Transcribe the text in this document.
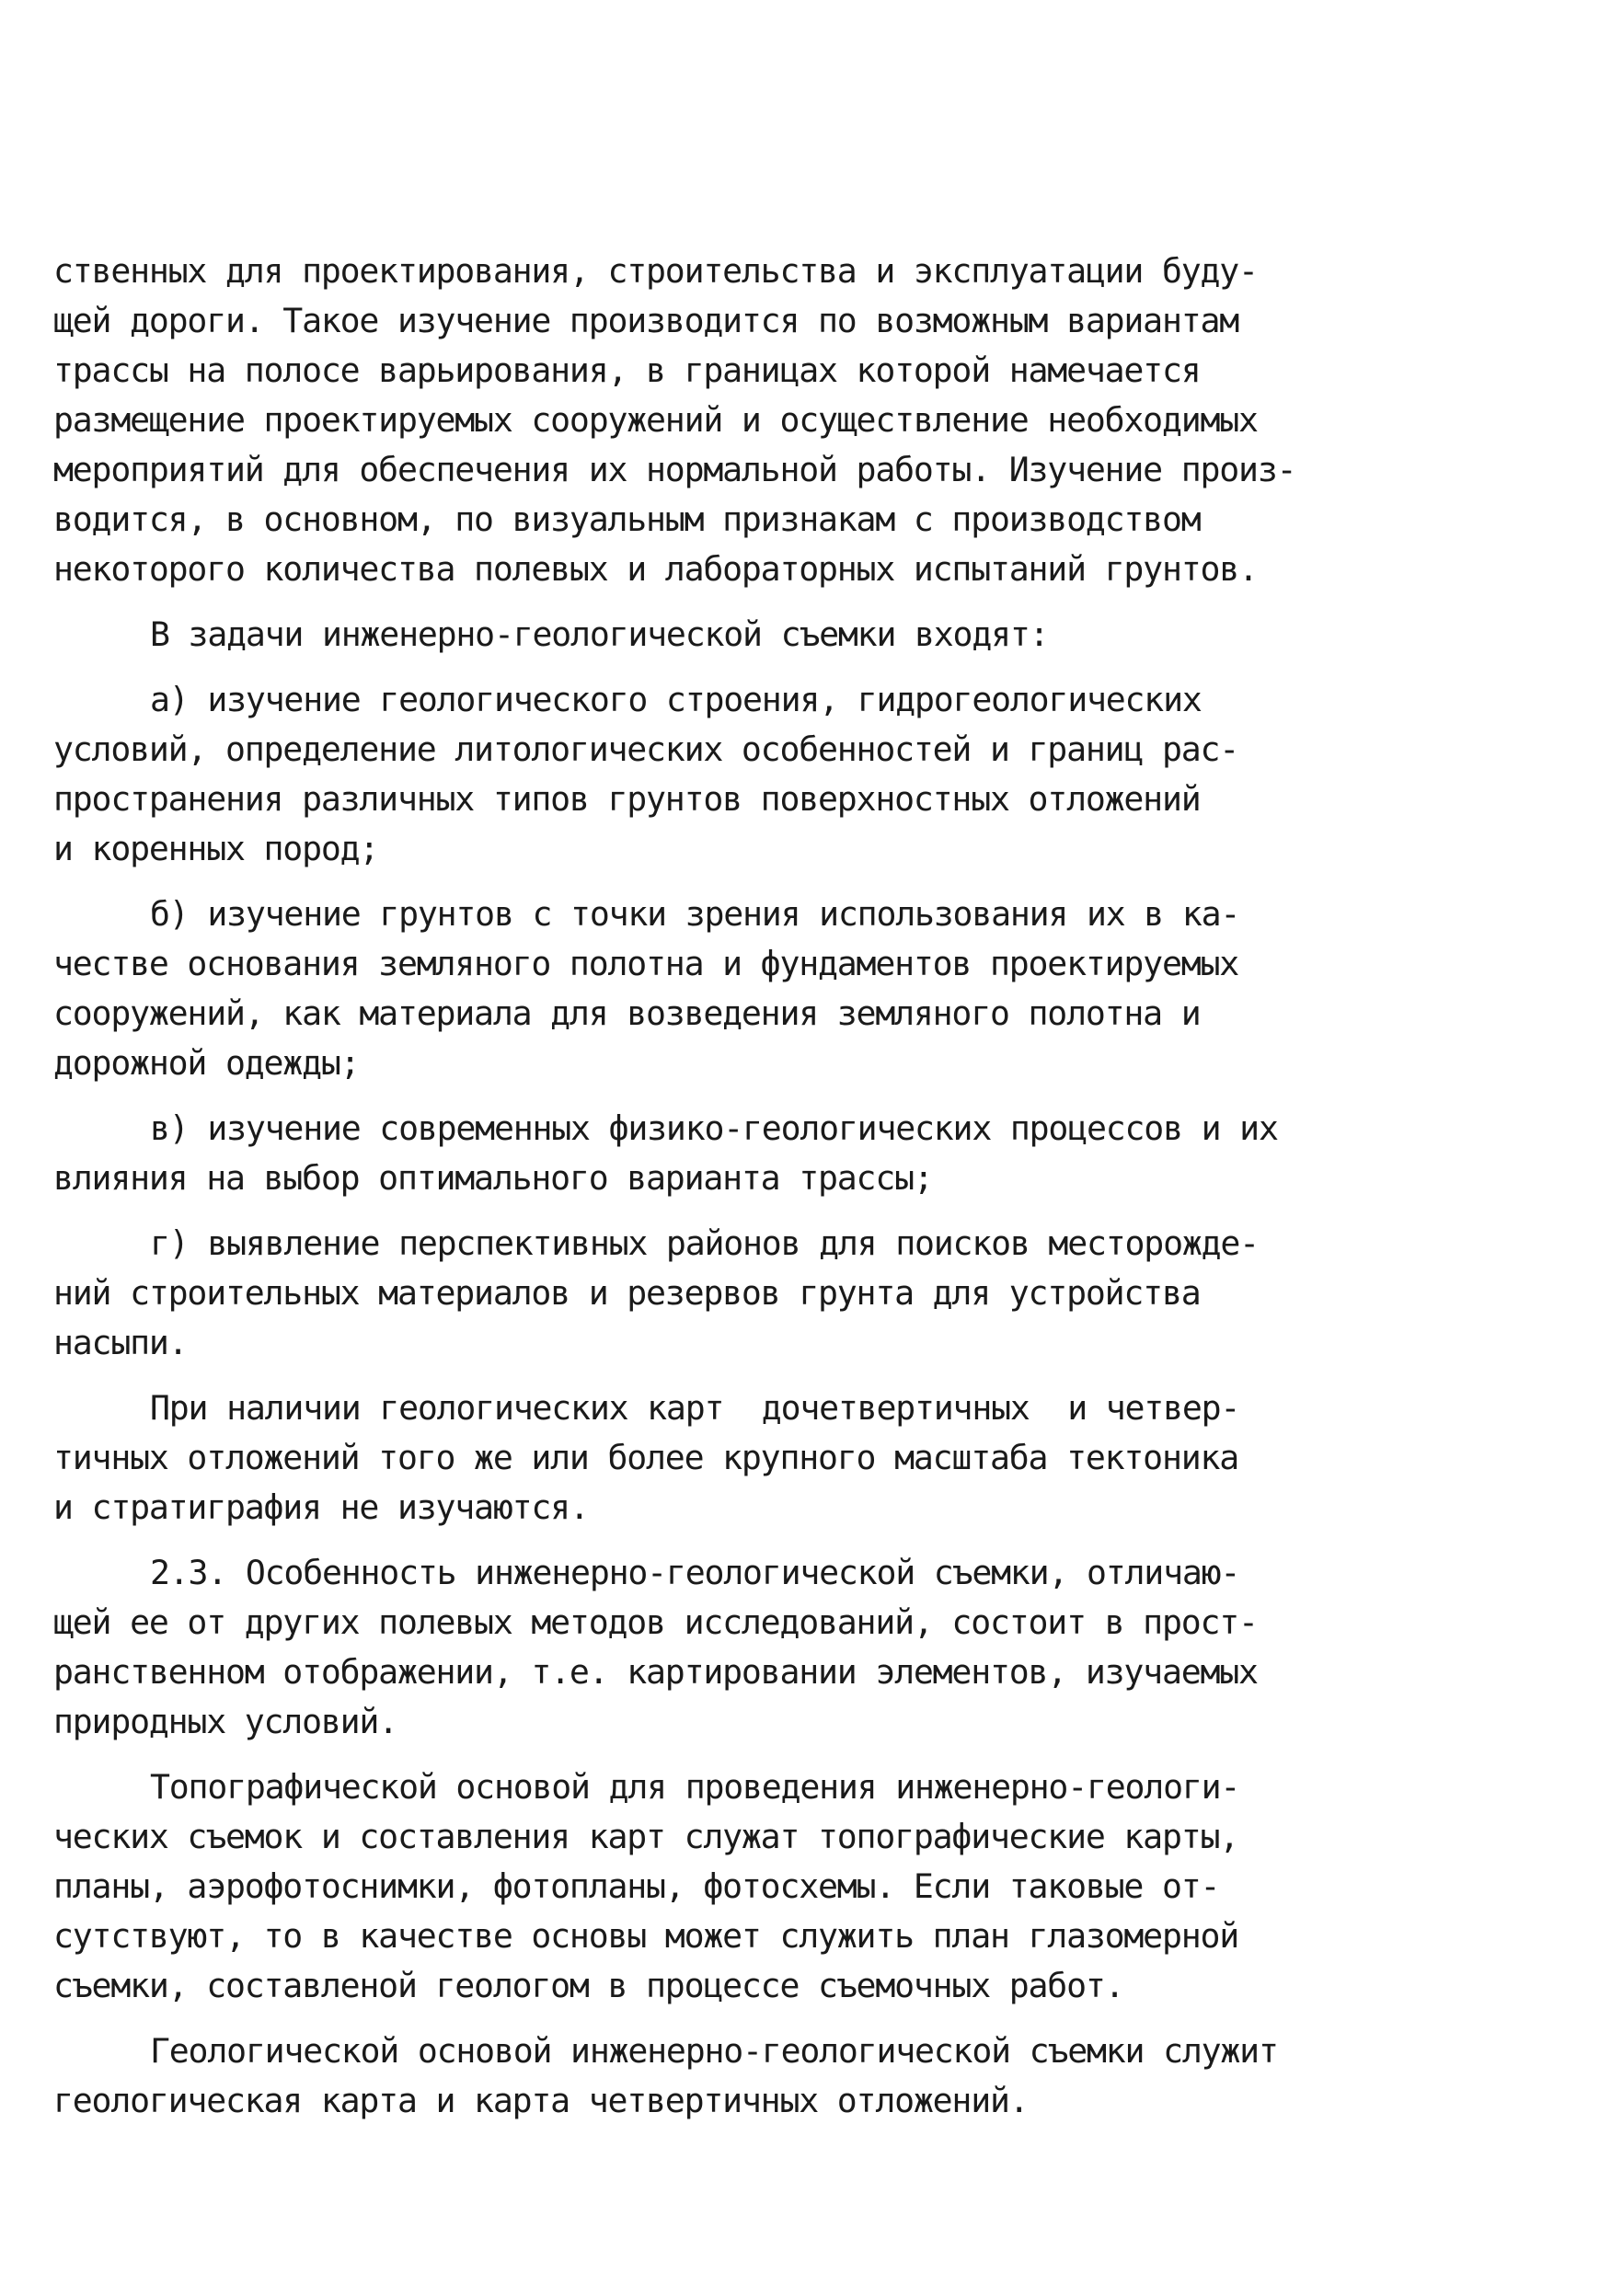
ственных для проектирования, строительства и эксплуатации буду-
щей дороги. Такое изучение производится по возможным вариантам
трассы на полосе варьирования, в границах которой намечается
размещение проектируемых сооружений и осуществление необходимых
мероприятий для обеспечения их нормальной работы. Изучение произ-
водится, в основном, по визуальным признакам с производством
некоторого количества полевых и лабораторных испытаний грунтов.
В задачи инженерно-геологической съемки входят:
а) изучение геологического строения, гидрогеологических
условий, определение литологических особенностей и границ рас-
пространения различных типов грунтов поверхностных отложений
и коренных пород;
б) изучение грунтов с точки зрения использования их в ка-
честве основания земляного полотна и фундаментов проектируемых
сооружений, как материала для возведения земляного полотна и
дорожной одежды;
в) изучение современных физико-геологических процессов и их
влияния на выбор оптимального варианта трассы;
г) выявление перспективных районов для поисков месторожде-
ний строительных материалов и резервов грунта для устройства
насыпи.
При наличии геологических карт  дочетвертичных  и четвер-
тичных отложений того же или более крупного масштаба тектоника
и стратиграфия не изучаются.
2.3. Особенность инженерно-геологической съемки, отличаю-
щей ее от других полевых методов исследований, состоит в прост-
ранственном отображении, т.е. картировании элементов, изучаемых
природных условий.
Топографической основой для проведения инженерно-геологи-
ческих съемок и составления карт служат топографические карты,
планы, аэрофотоснимки, фотопланы, фотосхемы. Если таковые от-
сутствуют, то в качестве основы может служить план глазомерной
съемки, составленой геологом в процессе съемочных работ.
Геологической основой инженерно-геологической съемки служит
геологическая карта и карта четвертичных отложений.
